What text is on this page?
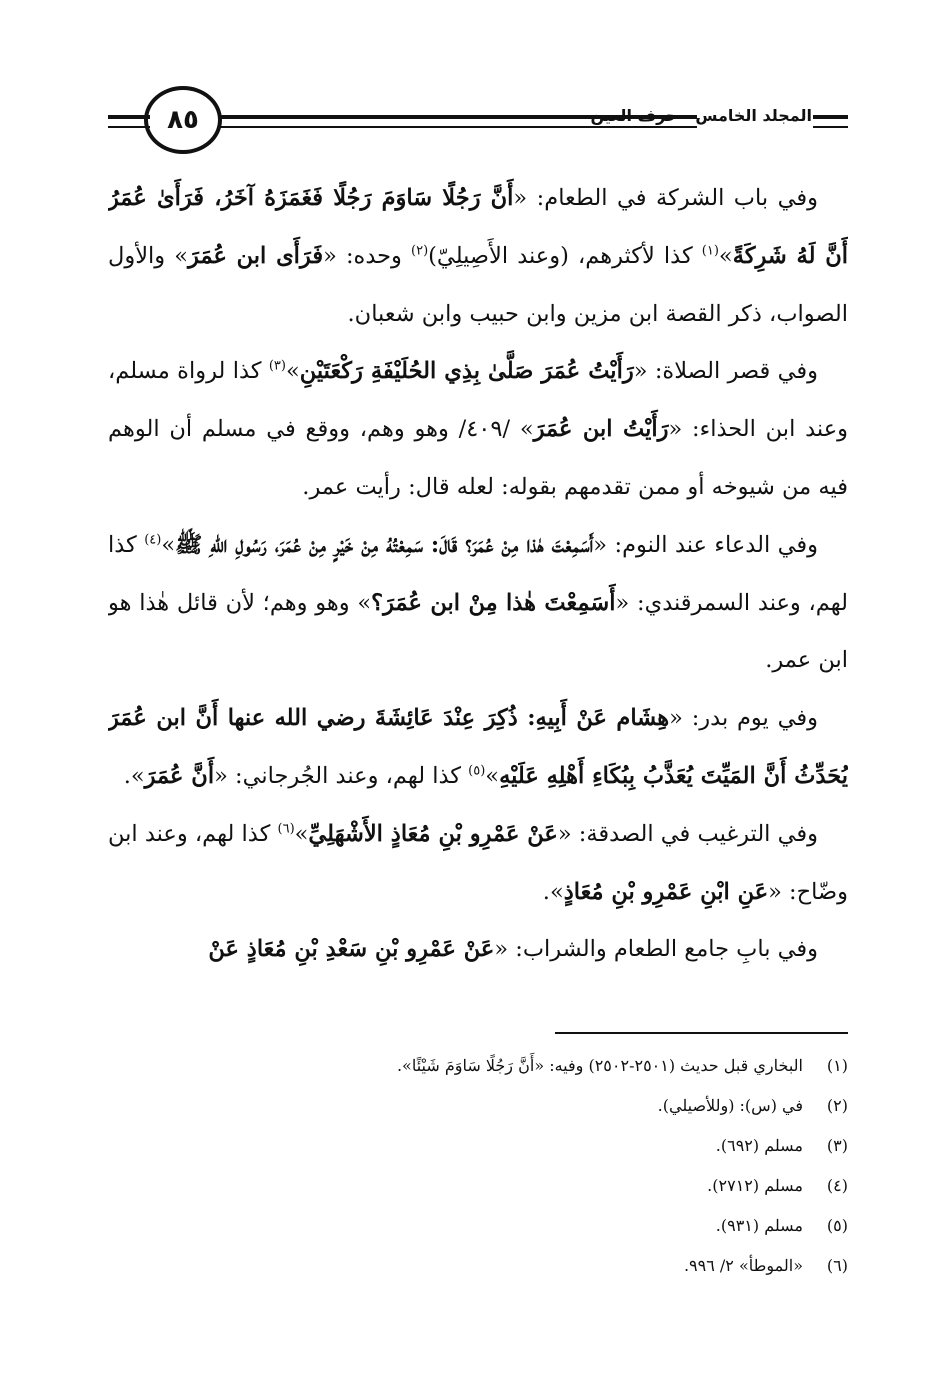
٨٥	المجلد الخامس - حرف العين

وفي باب الشركة في الطعام: «أَنَّ رَجُلًا سَاوَمَ رَجُلًا فَغَمَزَهُ آخَرُ، فَرَأَىٰ عُمَرُ أَنَّ لَهُ شَرِكَةً»$^{(١)}$ كذا لأكثرهم، (وعند الأَصِيلِيّ)$^{(٢)}$ وحده: «فَرَأَى ابن عُمَرَ» والأول الصواب، ذكر القصة ابن مزين وابن حبيب وابن شعبان.

وفي قصر الصلاة: «رَأَيْتُ عُمَرَ صَلَّىٰ بِذِي الحُلَيْفَةِ رَكْعَتَيْنِ»$^{(٣)}$ كذا لرواة مسلم، وعند ابن الحذاء: «رَأَيْتُ ابن عُمَرَ» /٤٠٩/ وهو وهم، ووقع في مسلم أن الوهم فيه من شيوخه أو ممن تقدمهم بقوله: لعله قال: رأيت عمر.

وفي الدعاء عند النوم: «أَسَمِعْتَ هٰذا مِنْ عُمَرَ؟ قَالَ: سَمِعْتُهُ مِنْ خَيْرٍ مِنْ عُمَرَ، رَسُولِ اللهِ ﷺ»$^{(٤)}$ كذا لهم، وعند السمرقندي: «أَسَمِعْتَ هٰذا مِنْ ابن عُمَرَ؟» وهو وهم؛ لأن قائل هٰذا هو ابن عمر.

وفي يوم بدر: «هِشَام عَنْ أَبِيهِ: ذُكِرَ عِنْدَ عَائِشَةَ رضي الله عنها أَنَّ ابن عُمَرَ يُحَدِّثُ أَنَّ المَيِّتَ يُعَذَّبُ بِبُكَاءِ أَهْلِهِ عَلَيْهِ»$^{(٥)}$ كذا لهم، وعند الجُرجاني: «أَنَّ عُمَرَ».

وفي الترغيب في الصدقة: «عَنْ عَمْرِو بْنِ مُعَاذٍ الأَشْهَلِيِّ»$^{(٦)}$ كذا لهم، وعند ابن وضّاح: «عَنِ ابْنِ عَمْرِو بْنِ مُعَاذٍ».

وفي بابِ جامع الطعام والشراب: «عَنْ عَمْرِو بْنِ سَعْدِ بْنِ مُعَاذٍ عَنْ

(١)
البخاري قبل حديث (٢٥٠١-٢٥٠٢) وفيه: «أَنَّ رَجُلًا سَاوَمَ شَيْئًا».
(٢)
في (س): (وللأصيلي).
(٣)
مسلم (٦٩٢).
(٤)
مسلم (٢٧١٢).
(٥)
مسلم (٩٣١).
(٦)
«الموطأ» ٢/ ٩٩٦.
